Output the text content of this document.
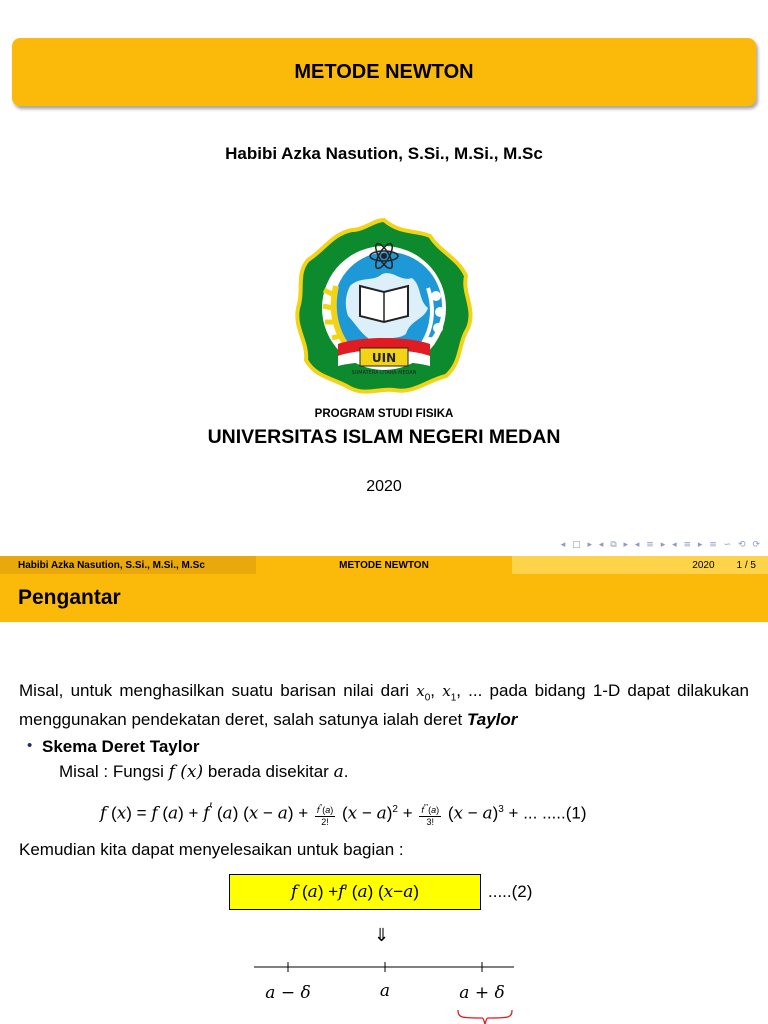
METODE NEWTON
Habibi Azka Nasution, S.Si., M.Si., M.Sc
UIN
SUMATERA UTARA MEDAN
PROGRAM STUDI FISIKA
UNIVERSITAS ISLAM NEGERI MEDAN
2020
◂ □ ▸ ◂ ⧉ ▸ ◂ ≡ ▸ ◂ ≡ ▸ ≡ ∽ ⟲ ⟳
Habibi Azka Nasution, S.Si., M.Si., M.Sc	METODE NEWTON	2020 1 / 5
Pengantar
Misal, untuk menghasilkan suatu barisan nilai dari $x_0$, $x_1$, ... pada bidang 1-D dapat dilakukan menggunakan pendekatan deret, salah satunya ialah deret Taylor
• Skema Deret Taylor
Misal : Fungsi f (x) berada disekitar a.
f (x) = f (a) + f′ (a) $(x - a) + \frac{f''(a)}{2!} (x - a)^2 + \frac{f'''(a)}{3!} (x - a)^3$ + ... .....(1)
Kemudian kita dapat menyelesaikan untuk bagian :
f ( a ) + f ′ ( a ) ( x − a )	.....(2)
⇓
a − δ	a	a + δ
